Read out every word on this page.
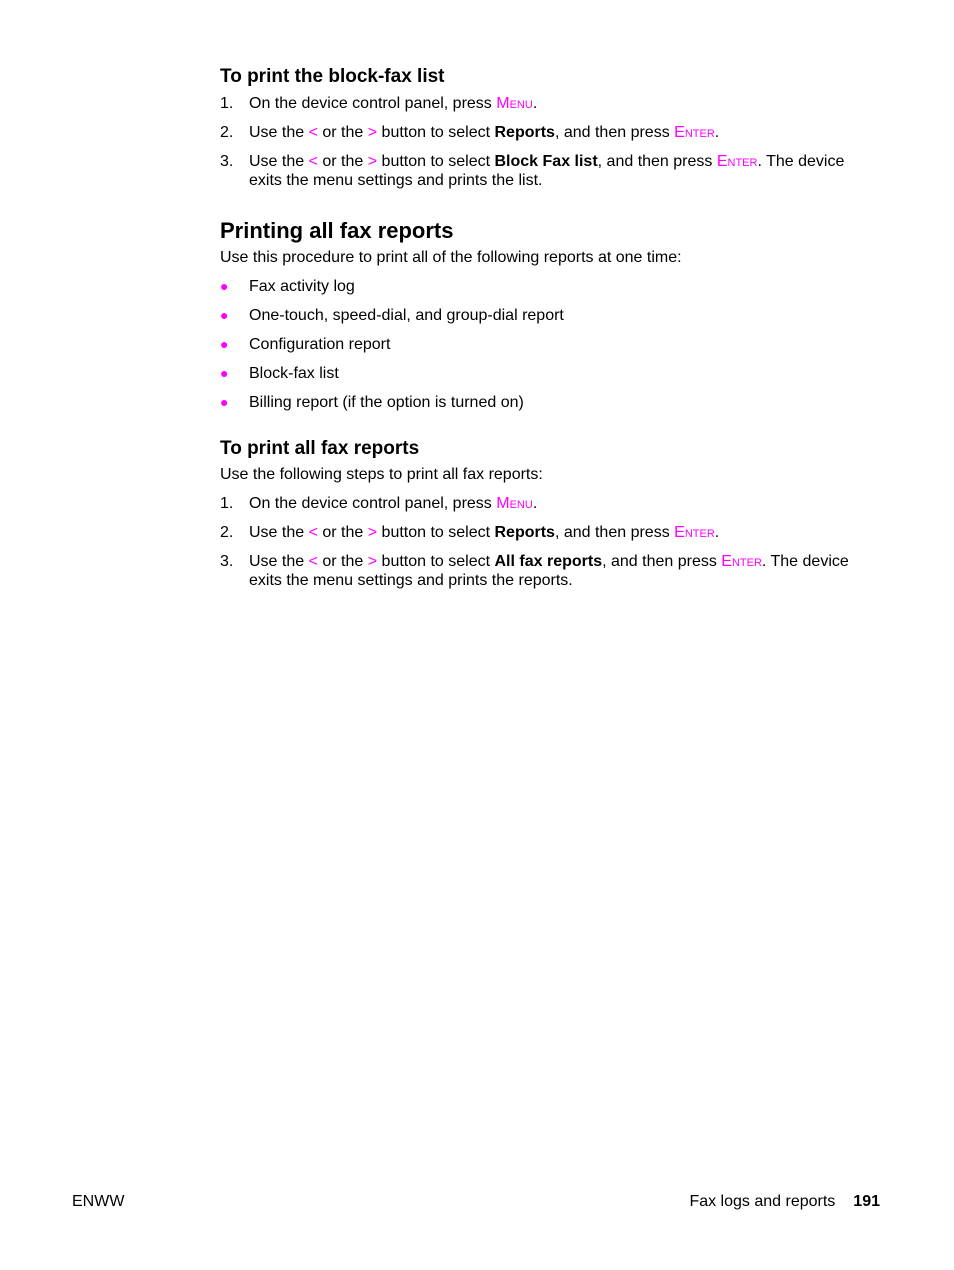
To print the block-fax list
1. On the device control panel, press Menu.
2. Use the < or the > button to select Reports, and then press Enter.
3. Use the < or the > button to select Block Fax list, and then press Enter. The device exits the menu settings and prints the list.
Printing all fax reports

Use this procedure to print all of the following reports at one time:

● Fax activity log
● One-touch, speed-dial, and group-dial report
● Configuration report
● Block-fax list
● Billing report (if the option is turned on)
To print all fax reports

Use the following steps to print all fax reports:

1. On the device control panel, press Menu.
2. Use the < or the > button to select Reports, and then press Enter.
3. Use the < or the > button to select All fax reports, and then press Enter. The device exits the menu settings and prints the reports.
ENWW	Fax logs and reports 191
